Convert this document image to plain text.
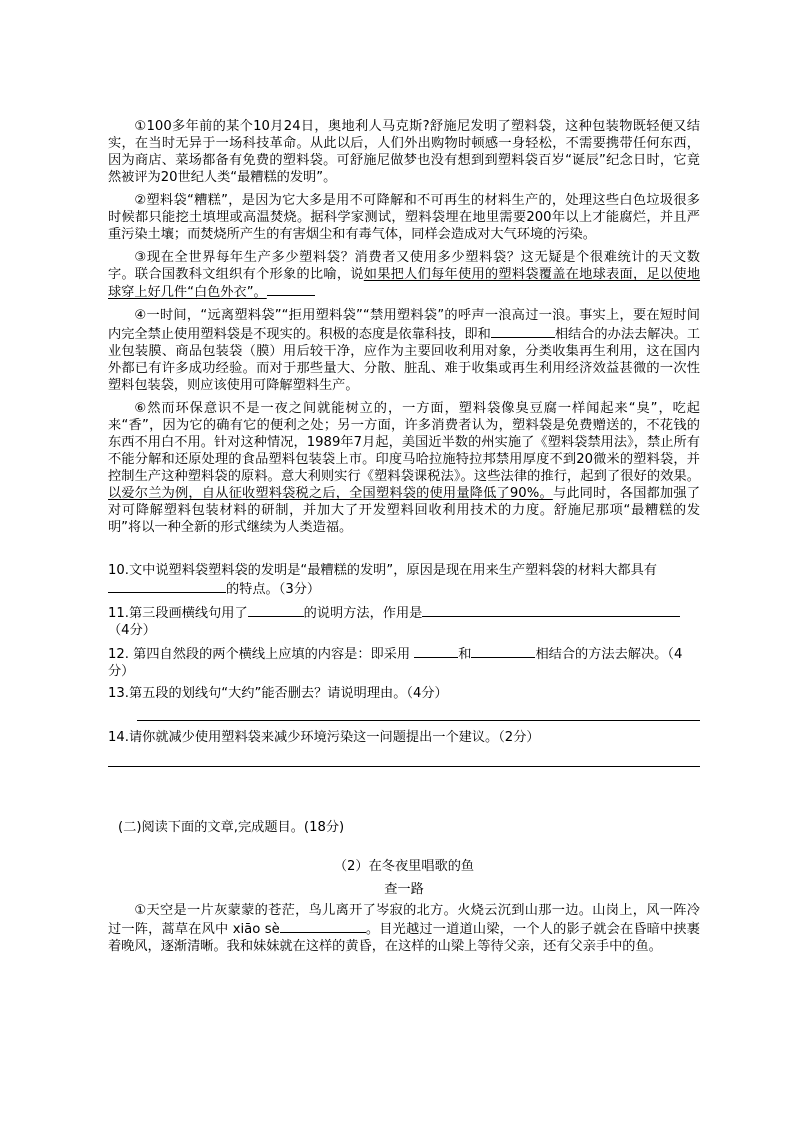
①100多年前的某个10月24日，奥地利人马克斯?舒施尼发明了塑料袋，这种包装物既轻便又结实，在当时无异于一场科技革命。从此以后，人们外出购物时顿感一身轻松，不需要携带任何东西，因为商店、菜场都备有免费的塑料袋。可舒施尼做梦也没有想到到塑料袋百岁“诞辰”纪念日时，它竟然被评为20世纪人类“最糟糕的发明”。

②塑料袋“糟糕”，是因为它大多是用不可降解和不可再生的材料生产的，处理这些白色垃圾很多时候都只能挖土填埋或高温焚烧。据科学家测试，塑料袋埋在地里需要200年以上才能腐烂，并且严重污染土壤；而焚烧所产生的有害烟尘和有毒气体，同样会造成对大气环境的污染。

③现在全世界每年生产多少塑料袋？消费者又使用多少塑料袋？这无疑是个很难统计的天文数字。联合国教科文组织有个形象的比喻，说如果把人们每年使用的塑料袋覆盖在地球表面，足以使地球穿上好几件“白色外衣”。

④一时间，“远离塑料袋”“拒用塑料袋”“禁用塑料袋”的呼声一浪高过一浪。事实上，要在短时间内完全禁止使用塑料袋是不现实的。积极的态度是依靠科技，即和	相结合的办法去解决。工业包装膜、商品包装袋（膜）用后较干净，应作为主要回收利用对象，分类收集再生利用，这在国内外都已有许多成功经验。而对于那些量大、分散、脏乱、难于收集或再生利用经济效益甚微的一次性塑料包装袋，则应该使用可降解塑料生产。

⑥然而环保意识不是一夜之间就能树立的，一方面，塑料袋像臭豆腐一样闻起来“臭”，吃起来“香”，因为它的确有它的便利之处；另一方面，许多消费者认为，塑料袋是免费赠送的，不花钱的东西不用白不用。针对这种情况，1989年7月起，美国近半数的州实施了《塑料袋禁用法》，禁止所有不能分解和还原处理的食品塑料包装袋上市。印度马哈拉施特拉邦禁用厚度不到20微米的塑料袋，并控制生产这种塑料袋的原料。意大利则实行《塑料袋课税法》。这些法律的推行，起到了很好的效果。以爱尔兰为例，自从征收塑料袋税之后，全国塑料袋的使用量降低了90%。与此同时，各国都加强了对可降解塑料包装材料的研制，并加大了开发塑料回收利用技术的力度。舒施尼那项“最糟糕的发明”将以一种全新的形式继续为人类造福。

10.文中说塑料袋塑料袋的发明是“最糟糕的发明”，原因是现在用来生产塑料袋的材料大都具有的特点。（3分）

11.第三段画横线句用了	的说明方法，作用是
（4分）

12. 第四自然段的两个横线上应填的内容是：即采用	和	相结合的方法去解决。（4分）

13.第五段的划线句“大约”能否删去？请说明理由。（4分）

14.请你就减少使用塑料袋来减少环境污染这一问题提出一个建议。（2分）

(二)阅读下面的文章,完成题目。(18分)

（2）在冬夜里唱歌的鱼

查一路

①天空是一片灰蒙蒙的苍茫，鸟儿离开了岑寂的北方。火烧云沉到山那一边。山岗上，风一阵冷过一阵，蒿草在风中 xiāo sè	。目光越过一道道山梁，一个人的影子就会在昏暗中挟裹着晚风，逐渐清晰。我和妹妹就在这样的黄昏，在这样的山梁上等待父亲，还有父亲手中的鱼。
